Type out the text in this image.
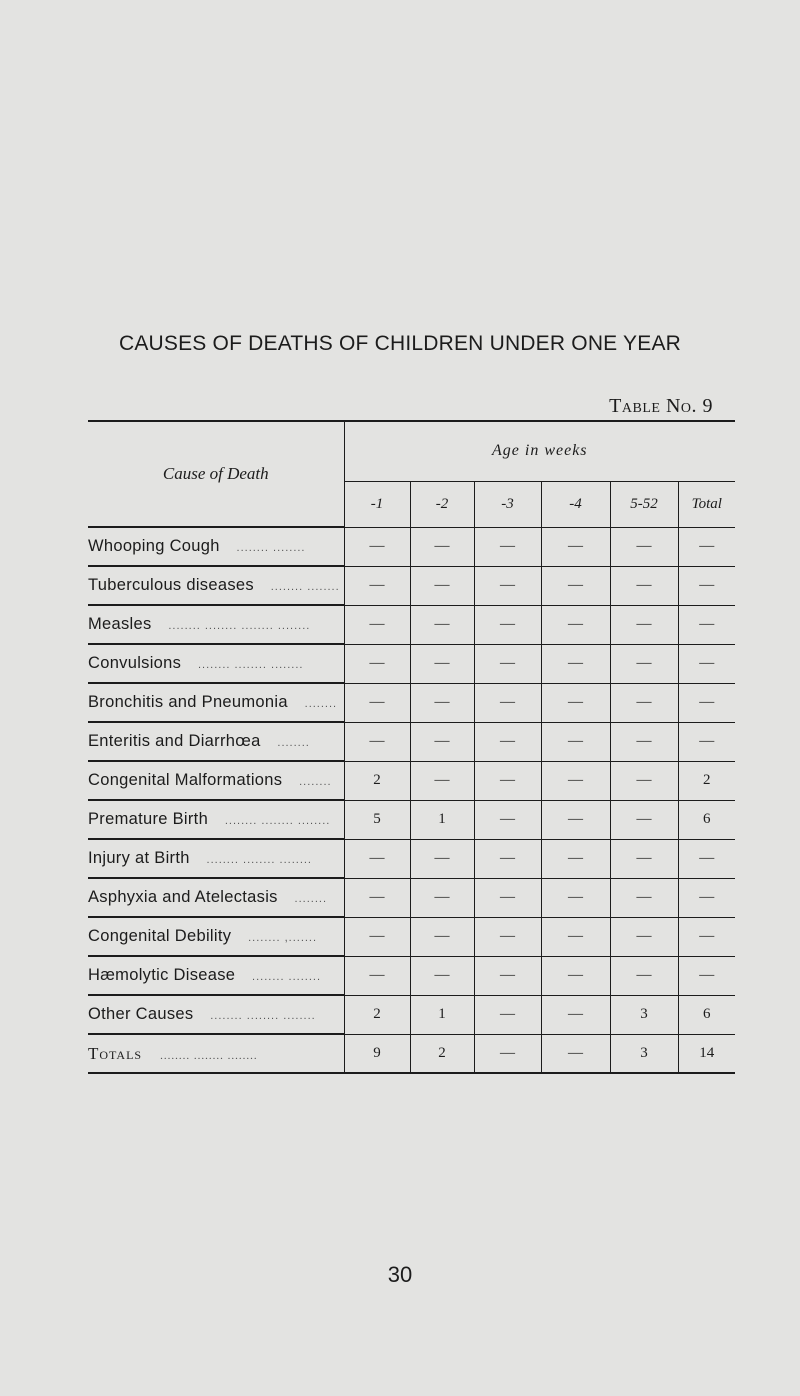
CAUSES OF DEATHS OF CHILDREN UNDER ONE YEAR
Table No. 9
Cause of Death	Age in weeks					
	-1	-2	-3	-4	5-52	Total
Whooping Cough  ........ ........	—	—	—	—	—	—
Tuberculous diseases  ........ ........	—	—	—	—	—	—
Measles  ........ ........ ........ ........	—	—	—	—	—	—
Convulsions  ........ ........ ........	—	—	—	—	—	—
Bronchitis and Pneumonia  ........	—	—	—	—	—	—
Enteritis and Diarrhœa  ........	—	—	—	—	—	—
Congenital Malformations  ........	2	—	—	—	—	2
Premature Birth  ........ ........ ........	5	1	—	—	—	6
Injury at Birth  ........ ........ ........	—	—	—	—	—	—
Asphyxia and Atelectasis  ........	—	—	—	—	—	—
Congenital Debility  ........ ,.......	—	—	—	—	—	—
Hæmolytic Disease  ........ ........	—	—	—	—	—	—
Other Causes  ........ ........ ........	2	1	—	—	3	6
Totals  ........ ........ ........	9	2	—	—	3	14
30
